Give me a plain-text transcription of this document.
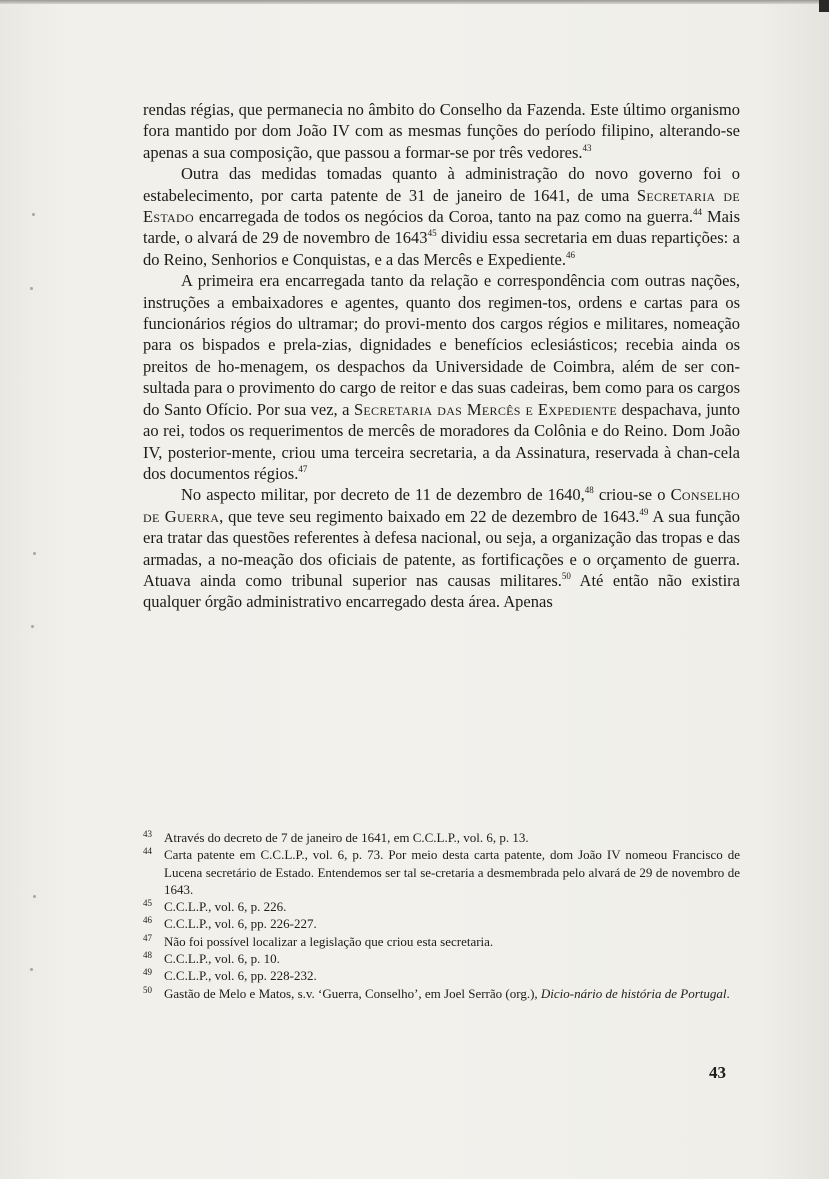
rendas régias, que permanecia no âmbito do Conselho da Fazenda. Este último organismo fora mantido por dom João IV com as mesmas funções do período filipino, alterando-se apenas a sua composição, que passou a formar-se por três vedores.$^{43}$

Outra das medidas tomadas quanto à administração do novo governo foi o estabelecimento, por carta patente de 31 de janeiro de 1641, de uma Secretaria de Estado encarregada de todos os negócios da Coroa, tanto na paz como na guerra.$^{44}$ Mais tarde, o alvará de 29 de novembro de 1643$^{45}$ dividiu essa secretaria em duas repartições: a do Reino, Senhorios e Conquistas, e a das Mercês e Expediente.$^{46}$

A primeira era encarregada tanto da relação e correspondência com outras nações, instruções a embaixadores e agentes, quanto dos regimen-tos, ordens e cartas para os funcionários régios do ultramar; do provi-mento dos cargos régios e militares, nomeação para os bispados e prela-zias, dignidades e benefícios eclesiásticos; recebia ainda os preitos de ho-menagem, os despachos da Universidade de Coimbra, além de ser con-sultada para o provimento do cargo de reitor e das suas cadeiras, bem como para os cargos do Santo Ofício. Por sua vez, a Secretaria das Mercês e Expediente despachava, junto ao rei, todos os requerimentos de mercês de moradores da Colônia e do Reino. Dom João IV, posterior-mente, criou uma terceira secretaria, a da Assinatura, reservada à chan-cela dos documentos régios.$^{47}$

No aspecto militar, por decreto de 11 de dezembro de 1640,48 criou-se o Conselho de Guerra, que teve seu regimento baixado em 22 de dezembro de 1643.49 A sua função era tratar das questões referentes à defesa nacional, ou seja, a organização das tropas e das armadas, a no-meação dos oficiais de patente, as fortificações e o orçamento de guerra. Atuava ainda como tribunal superior nas causas militares.$^{50}$ Até então não existira qualquer órgão administrativo encarregado desta área. Apenas

43 Através do decreto de 7 de janeiro de 1641, em C.C.L.P., vol. 6, p. 13.
44 Carta patente em C.C.L.P., vol. 6, p. 73. Por meio desta carta patente, dom João IV nomeou Francisco de Lucena secretário de Estado. Entendemos ser tal se-cretaria a desmembrada pelo alvará de 29 de novembro de 1643.
45 C.C.L.P., vol. 6, p. 226.
46 C.C.L.P., vol. 6, pp. 226-227.
47 Não foi possível localizar a legislação que criou esta secretaria.
48 C.C.L.P., vol. 6, p. 10.
49 C.C.L.P., vol. 6, pp. 228-232.
50 Gastão de Melo e Matos, s.v. ‘Guerra, Conselho’, em Joel Serrão (org.), Dicio-nário de história de Portugal.
43
